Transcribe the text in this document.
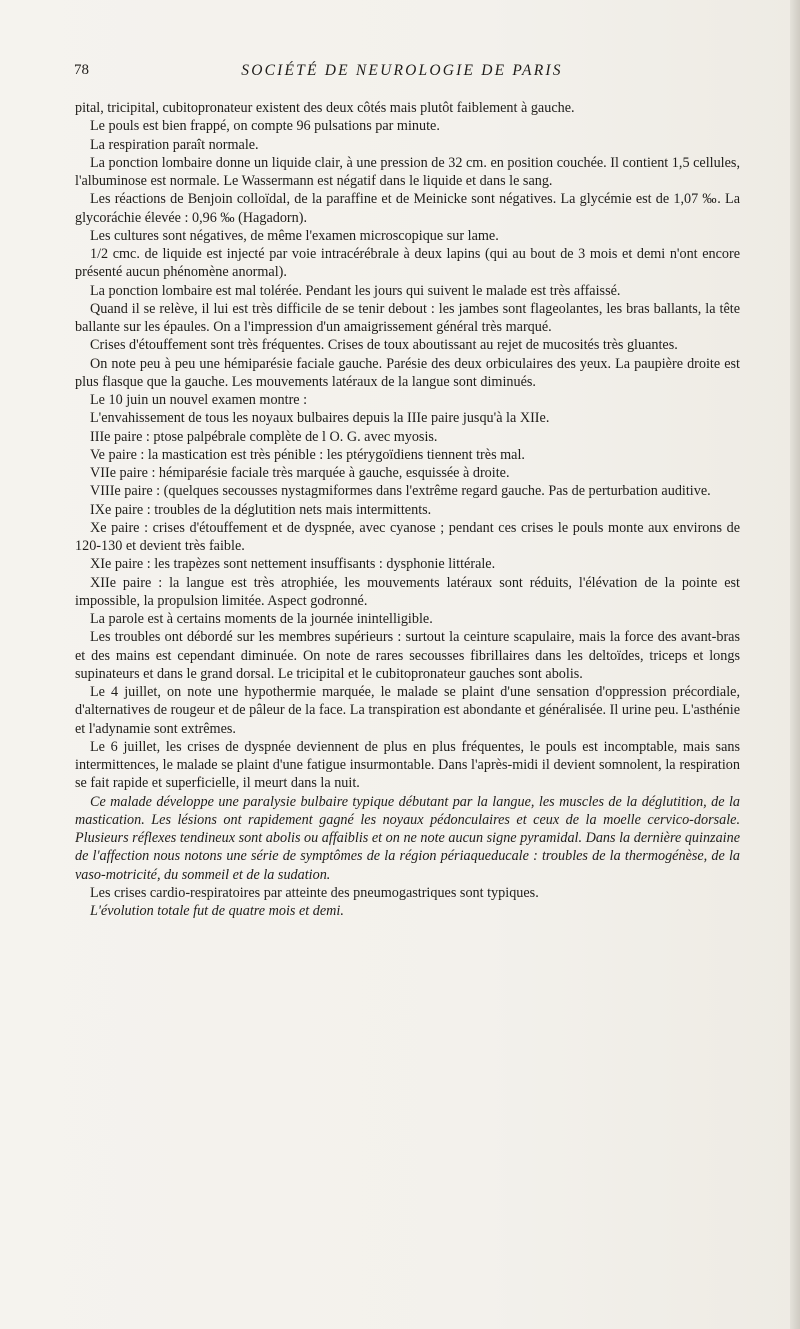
78	SOCIÉTÉ DE NEUROLOGIE DE PARIS

pital, tricipital, cubitopronateur existent des deux côtés mais plutôt faiblement à gauche.

Le pouls est bien frappé, on compte 96 pulsations par minute.

La respiration paraît normale.

La ponction lombaire donne un liquide clair, à une pression de 32 cm. en position couchée. Il contient 1,5 cellules, l'albuminose est normale. Le Wassermann est négatif dans le liquide et dans le sang.

Les réactions de Benjoin colloïdal, de la paraffine et de Meinicke sont négatives. La glycémie est de 1,07 ‰. La glycoráchie élevée : 0,96 ‰ (Hagadorn).

Les cultures sont négatives, de même l'examen microscopique sur lame.

1/2 cmc. de liquide est injecté par voie intracérébrale à deux lapins (qui au bout de 3 mois et demi n'ont encore présenté aucun phénomène anormal).

La ponction lombaire est mal tolérée. Pendant les jours qui suivent le malade est très affaissé.

Quand il se relève, il lui est très difficile de se tenir debout : les jambes sont flageolantes, les bras ballants, la tête ballante sur les épaules. On a l'impression d'un amaigrissement général très marqué.

Crises d'étouffement sont très fréquentes. Crises de toux aboutissant au rejet de mucosités très gluantes.

On note peu à peu une hémiparésie faciale gauche. Parésie des deux orbiculaires des yeux. La paupière droite est plus flasque que la gauche. Les mouvements latéraux de la langue sont diminués.

Le 10 juin un nouvel examen montre :

L'envahissement de tous les noyaux bulbaires depuis la IIIe paire jusqu'à la XIIe.

IIIe paire : ptose palpébrale complète de l O. G. avec myosis.

Ve paire : la mastication est très pénible : les ptérygoïdiens tiennent très mal.

VIIe paire : hémiparésie faciale très marquée à gauche, esquissée à droite.

VIIIe paire : (quelques secousses nystagmiformes dans l'extrême regard gauche. Pas de perturbation auditive.

IXe paire : troubles de la déglutition nets mais intermittents.

Xe paire : crises d'étouffement et de dyspnée, avec cyanose ; pendant ces crises le pouls monte aux environs de 120-130 et devient très faible.

XIe paire : les trapèzes sont nettement insuffisants : dysphonie littérale.

XIIe paire : la langue est très atrophiée, les mouvements latéraux sont réduits, l'élévation de la pointe est impossible, la propulsion limitée. Aspect godronné.

La parole est à certains moments de la journée inintelligible.

Les troubles ont débordé sur les membres supérieurs : surtout la ceinture scapulaire, mais la force des avant-bras et des mains est cependant diminuée. On note de rares secousses fibrillaires dans les deltoïdes, triceps et longs supinateurs et dans le grand dorsal. Le tricipital et le cubitopronateur gauches sont abolis.

Le 4 juillet, on note une hypothermie marquée, le malade se plaint d'une sensation d'oppression précordiale, d'alternatives de rougeur et de pâleur de la face. La transpiration est abondante et généralisée. Il urine peu. L'asthénie et l'adynamie sont extrêmes.

Le 6 juillet, les crises de dyspnée deviennent de plus en plus fréquentes, le pouls est incomptable, mais sans intermittences, le malade se plaint d'une fatigue insurmontable. Dans l'après-midi il devient somnolent, la respiration se fait rapide et superficielle, il meurt dans la nuit.

Ce malade développe une paralysie bulbaire typique débutant par la langue, les muscles de la déglutition, de la mastication. Les lésions ont rapidement gagné les noyaux pédonculaires et ceux de la moelle cervico-dorsale. Plusieurs réflexes tendineux sont abolis ou affaiblis et on ne note aucun signe pyramidal. Dans la dernière quinzaine de l'affection nous notons une série de symptômes de la région périaqueducale : troubles de la thermogénèse, de la vaso-motricité, du sommeil et de la sudation.

Les crises cardio-respiratoires par atteinte des pneumogastriques sont typiques.

L'évolution totale fut de quatre mois et demi.
